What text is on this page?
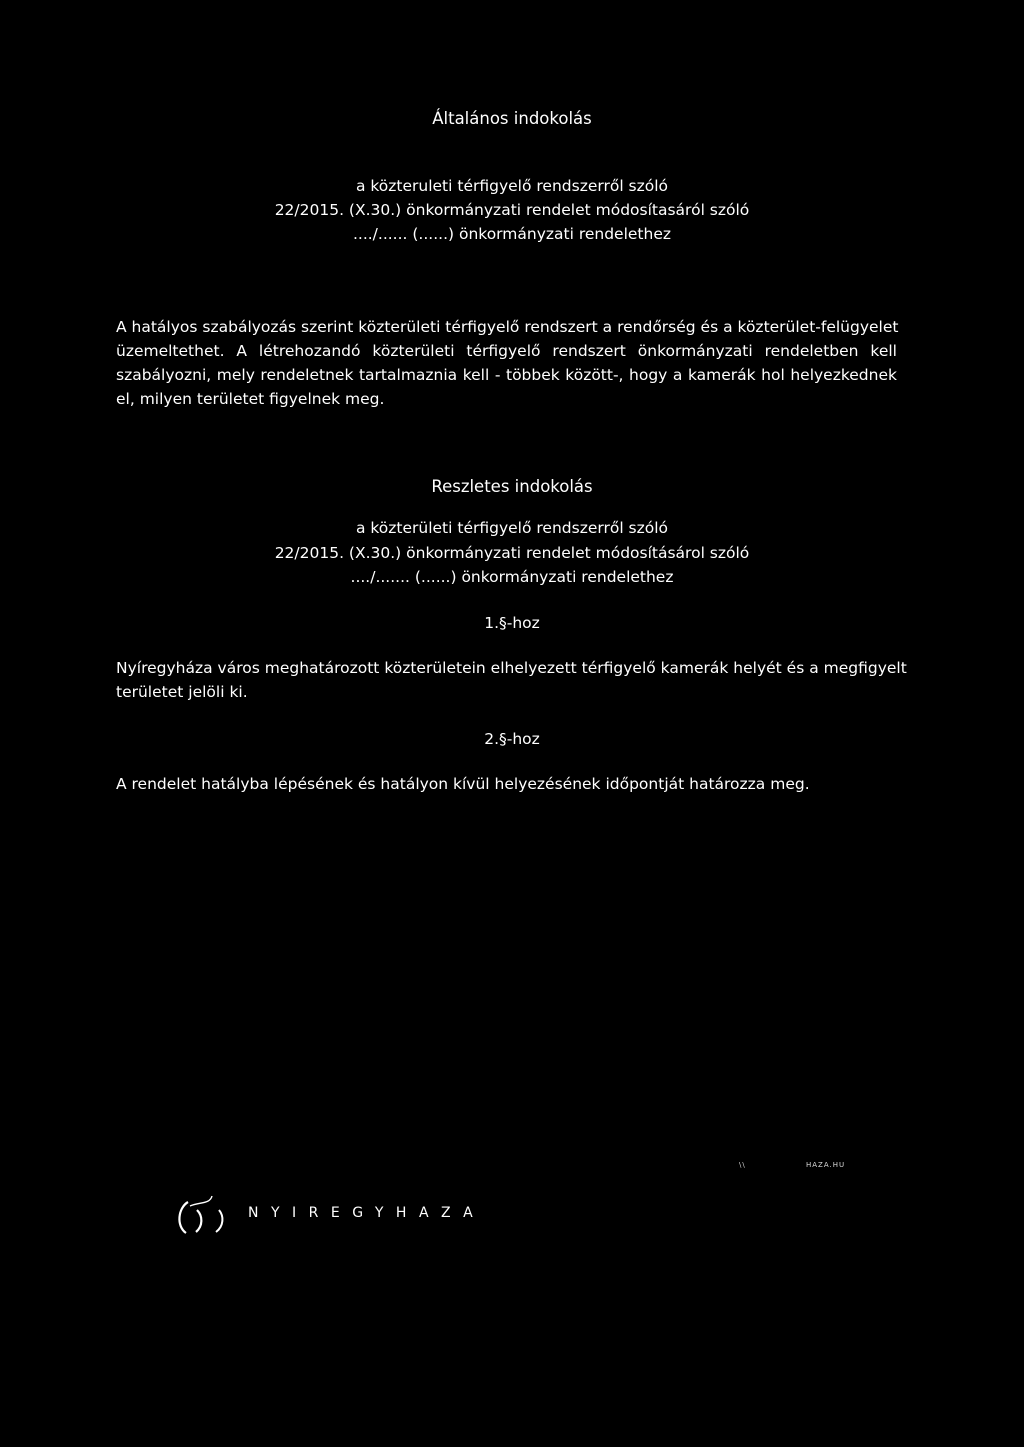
Általános indokolás
a közteruleti térfigyelő rendszerről szóló
22/2015. (X.30.) önkormányzati rendelet módosítasáról szóló
..../...... (......) önkormányzati rendelethez
A hatályos szabályozás szerint közterületi térfigyelő rendszert a rendőrség és a közterület-felügyelet
üzemeltethet. A létrehozandó közterületi térfigyelő rendszert önkormányzati rendeletben kell
szabályozni, mely rendeletnek tartalmaznia kell - többek között-, hogy a kamerák hol helyezkednek
el, milyen területet figyelnek meg.
Reszletes indokolás
a közterületi térfigyelő rendszerről szóló
22/2015. (X.30.) önkormányzati rendelet módosításárol szóló
..../....... (......) önkormányzati rendelethez
1.§-hoz
Nyíregyháza város meghatározott közterületein elhelyezett térfigyelő kamerák helyét és a megfigyelt
területet jelöli ki.
2.§-hoz
A rendelet hatályba lépésének és hatályon kívül helyezésének időpontját határozza meg.
\\	HAZA.HU
NYIREGYHAZA
